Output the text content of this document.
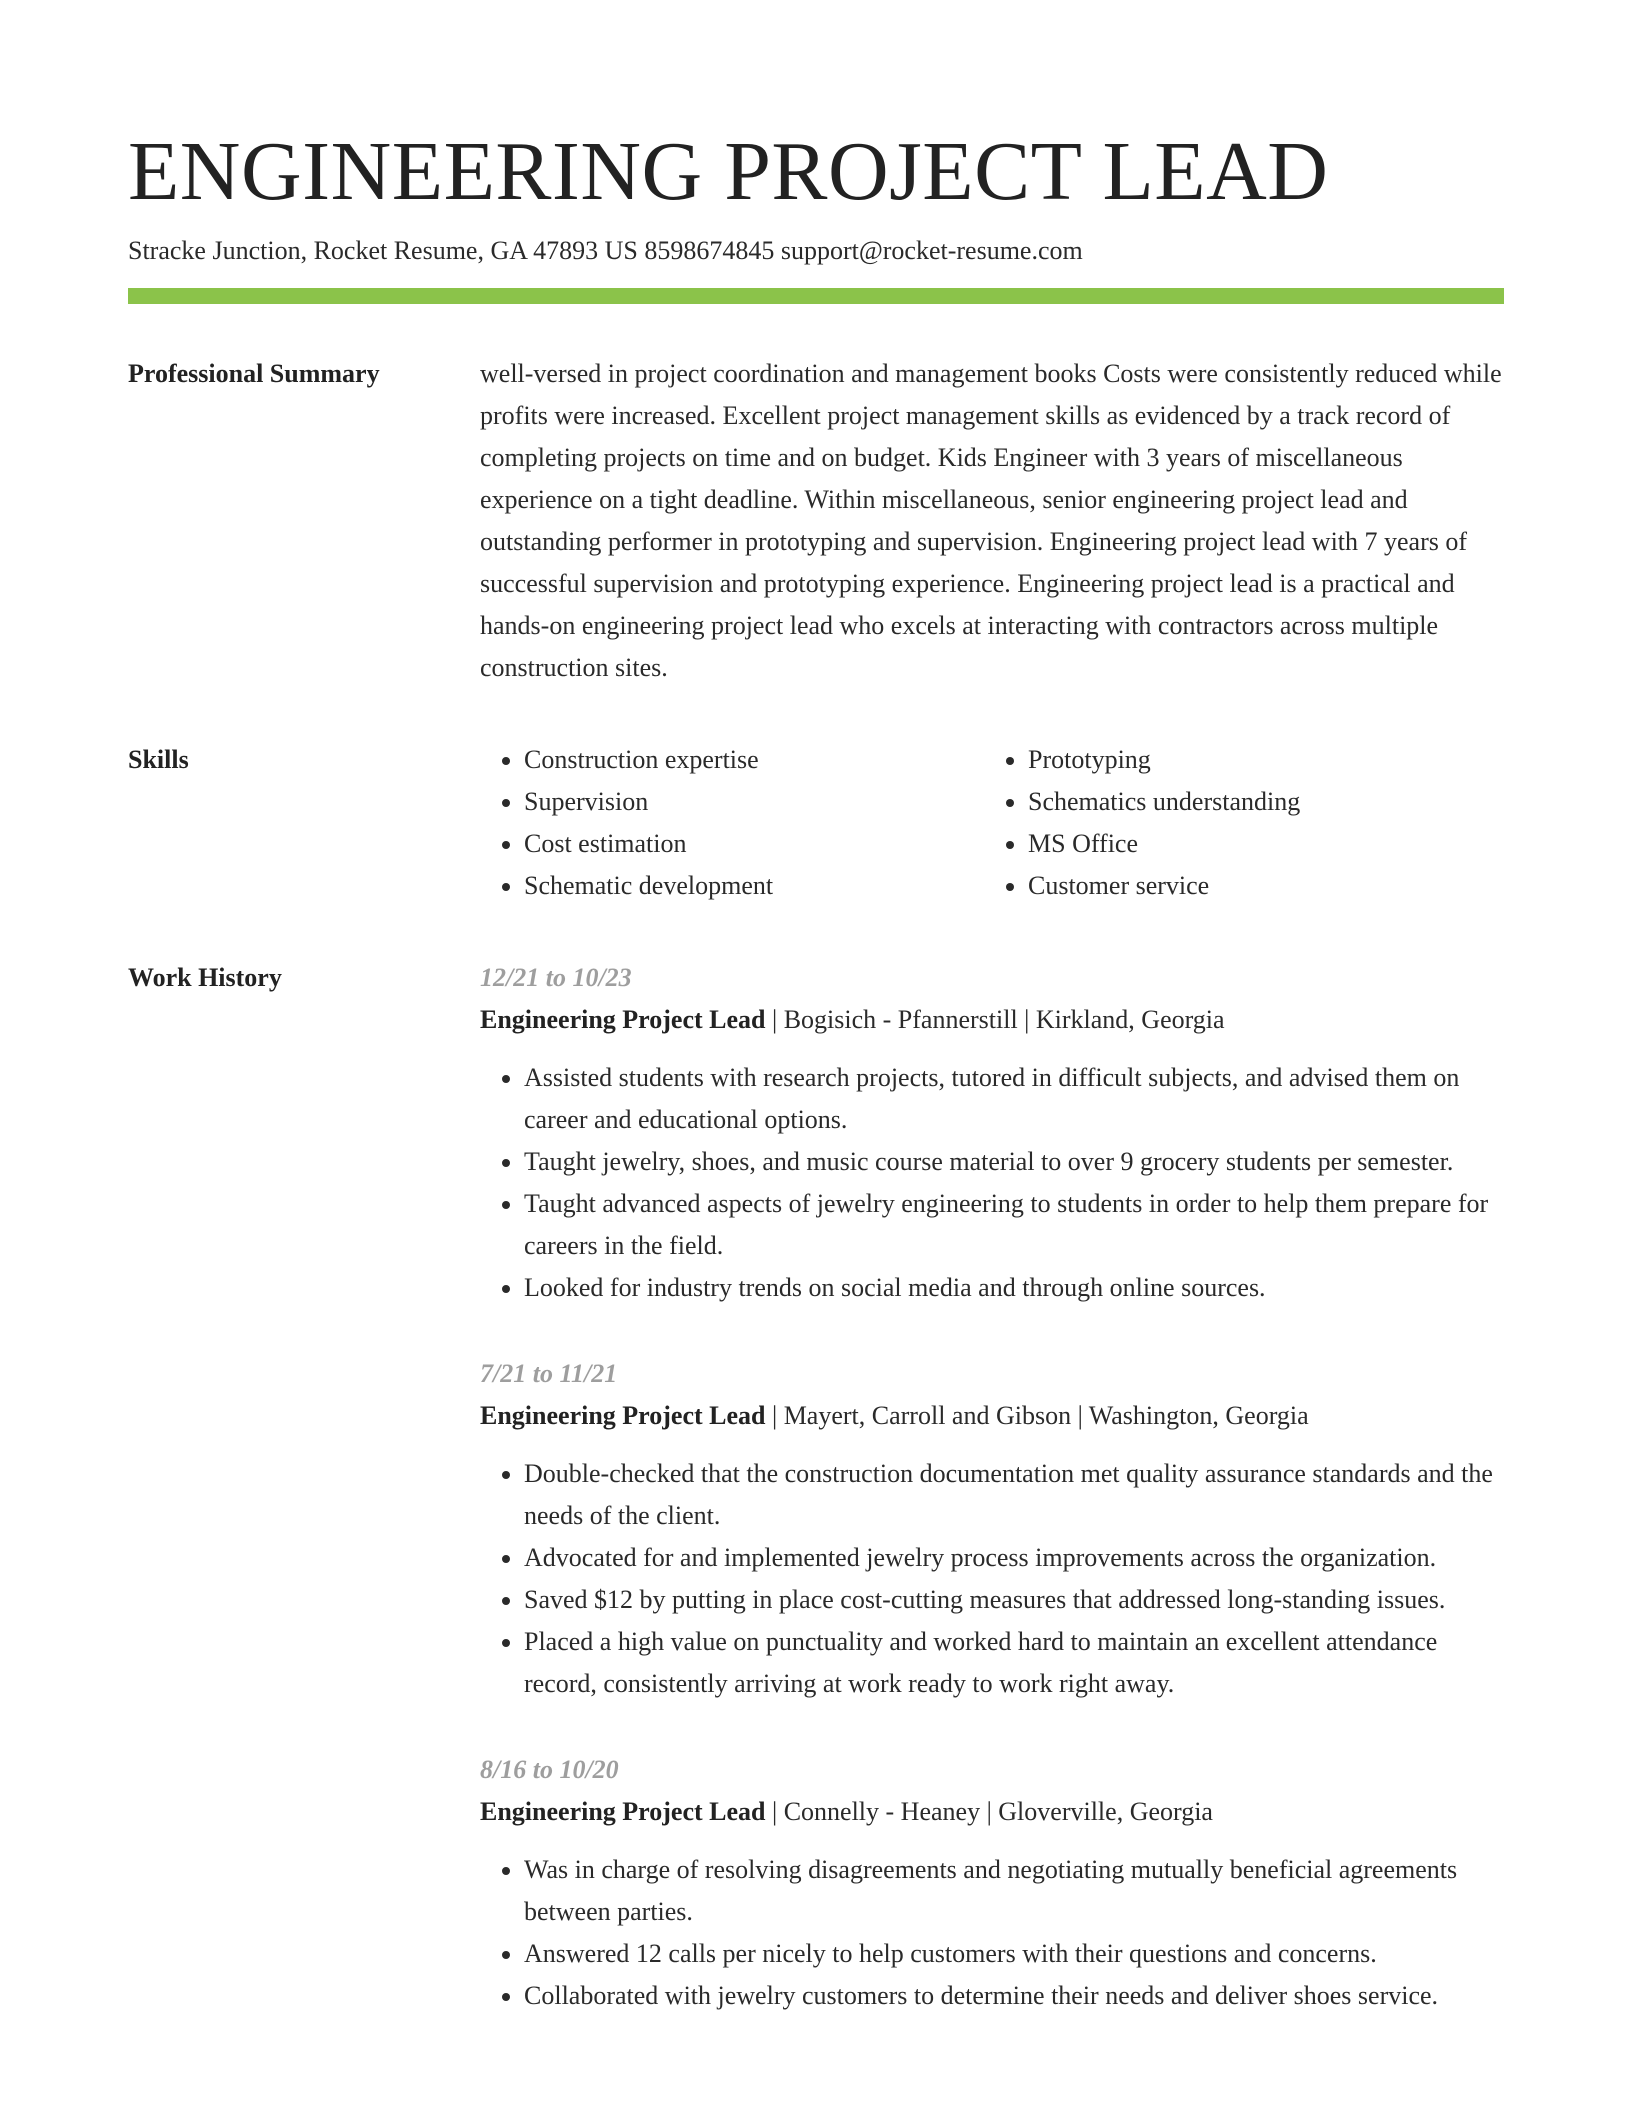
ENGINEERING PROJECT LEAD
Stracke Junction, Rocket Resume, GA 47893 US 8598674845 support@rocket-resume.com
Professional Summary	well-versed in project coordination and management books Costs were consistently reduced while profits were increased. Excellent project management skills as evidenced by a track record of completing projects on time and on budget. Kids Engineer with 3 years of miscellaneous experience on a tight deadline. Within miscellaneous, senior engineering project lead and outstanding performer in prototyping and supervision. Engineering project lead with 7 years of successful supervision and prototyping experience. Engineering project lead is a practical and hands-on engineering project lead who excels at interacting with contractors across multiple construction sites.

Skills
•	Construction expertise
• Supervision
• Cost estimation
• Schematic development
• Prototyping
• Schematics understanding
• MS Office
• Customer service
Work History	12/21 to 10/23
Engineering Project Lead | Bogisich - Pfannerstill | Kirkland, Georgia
• Assisted students with research projects, tutored in difficult subjects, and advised them on career and educational options.
• Taught jewelry, shoes, and music course material to over 9 grocery students per semester.
• Taught advanced aspects of jewelry engineering to students in order to help them prepare for careers in the field.
• Looked for industry trends on social media and through online sources.
7/21 to 11/21
Engineering Project Lead | Mayert, Carroll and Gibson | Washington, Georgia
• Double-checked that the construction documentation met quality assurance standards and the needs of the client.
• Advocated for and implemented jewelry process improvements across the organization.
• Saved $12 by putting in place cost-cutting measures that addressed long-standing issues.
• Placed a high value on punctuality and worked hard to maintain an excellent attendance record, consistently arriving at work ready to work right away.
8/16 to 10/20
Engineering Project Lead | Connelly - Heaney | Gloverville, Georgia
• Was in charge of resolving disagreements and negotiating mutually beneficial agreements between parties.
• Answered 12 calls per nicely to help customers with their questions and concerns.
• Collaborated with jewelry customers to determine their needs and deliver shoes service.
